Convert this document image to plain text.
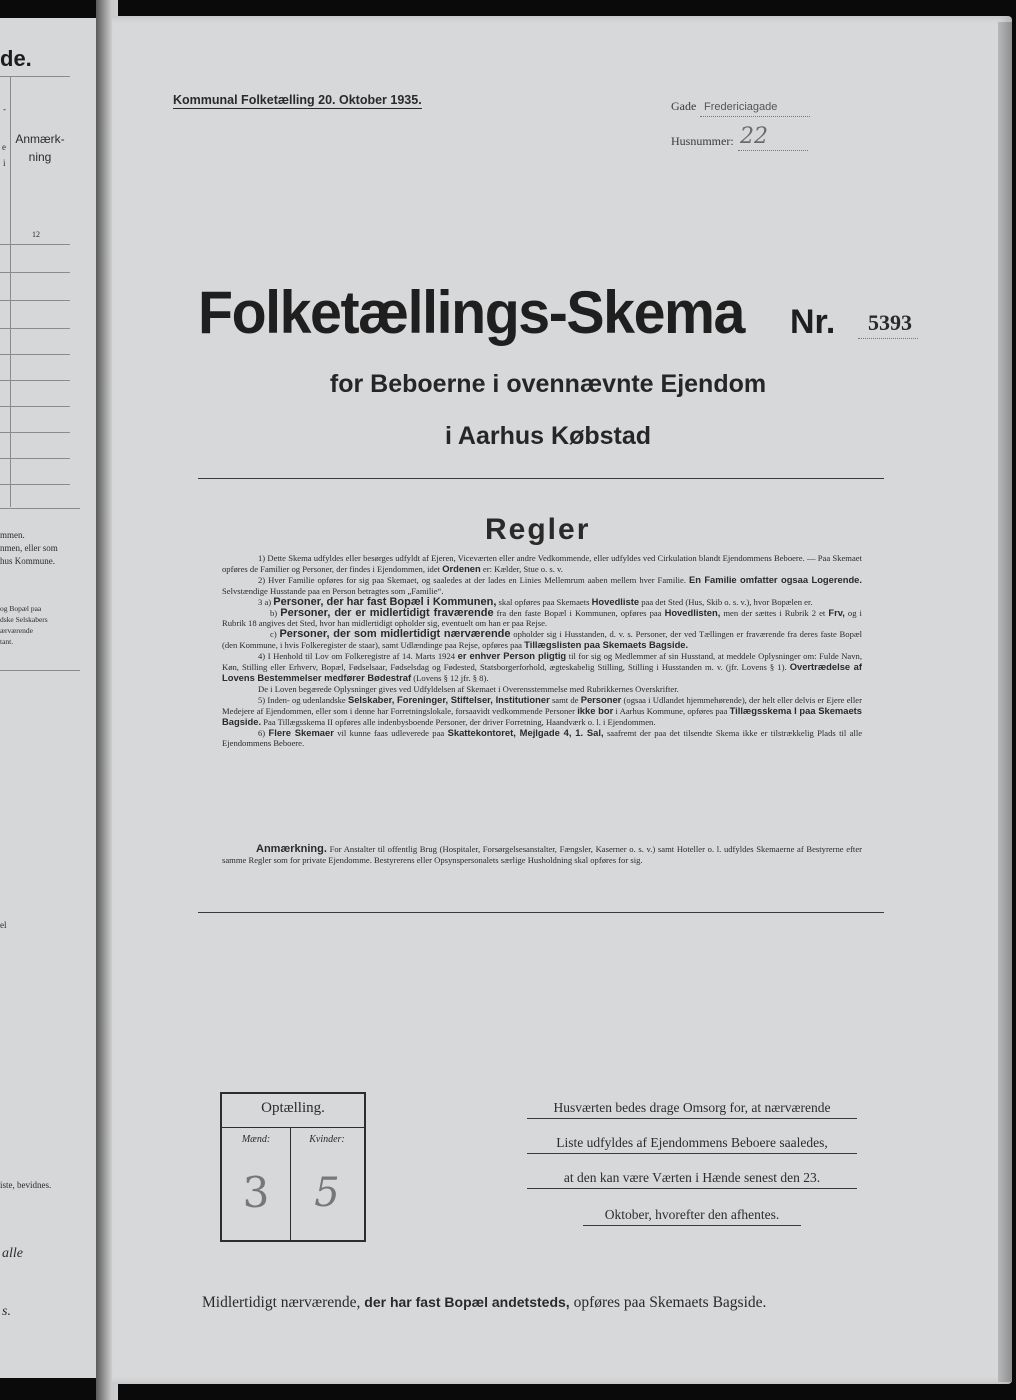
de.
-
e
i
Anmærk-
ning
12
mmen.
nmen, eller som
hus Kommune.
og Bopæl paa
dske Selskabers
ærværende
tant.
el
iste, bevidnes.
alle
s.
Kommunal Folketælling 20. Oktober 1935.	Gade Fredericiagade
Husnummer: 22
Folketællings-Skema Nr. 5393
for Beboerne i ovennævnte Ejendom
i Aarhus Købstad
Regler

1) Dette Skema udfyldes eller besørges udfyldt af Ejeren, Viceværten eller andre Vedkommende, eller udfyldes ved Cirkulation blandt Ejendommens Beboere. — Paa Skemaet opføres de Familier og Personer, der findes i Ejendommen, idet Ordenen er: Kælder, Stue o. s. v.

2) Hver Familie opføres for sig paa Skemaet, og saaledes at der lades en Linies Mellemrum aaben mellem hver Familie. En Familie omfatter ogsaa Logerende. Selvstændige Husstande paa en Person betragtes som „Familie“.

3 a) Personer, der har fast Bopæl i Kommunen, skal opføres paa Skemaets Hovedliste paa det Sted (Hus, Skib o. s. v.), hvor Bopælen er.

b) Personer, der er midlertidigt fraværende fra den faste Bopæl i Kommunen, opføres paa Hovedlisten, men der sættes i Rubrik 2 et Frv, og i Rubrik 18 angives det Sted, hvor han midlertidigt opholder sig, eventuelt om han er paa Rejse.

c) Personer, der som midlertidigt nærværende opholder sig i Husstanden, d. v. s. Personer, der ved Tællingen er fraværende fra deres faste Bopæl (den Kommune, i hvis Folkeregister de staar), samt Udlændinge paa Rejse, opføres paa Tillægslisten paa Skemaets Bagside.

4) I Henhold til Lov om Folkeregistre af 14. Marts 1924 er enhver Person pligtig til for sig og Medlemmer af sin Husstand, at meddele Oplysninger om: Fulde Navn, Køn, Stilling eller Erhverv, Bopæl, Fødselsaar, Fødselsdag og Fødested, Statsborgerforhold, ægteskabelig Stilling, Stilling i Husstanden m. v. (jfr. Lovens § 1). Overtrædelse af Lovens Bestemmelser medfører Bødestraf (Lovens § 12 jfr. § 8).

De i Loven begærede Oplysninger gives ved Udfyldelsen af Skemaet i Overensstemmelse med Rubrikkernes Overskrifter.

5) Inden- og udenlandske Selskaber, Foreninger, Stiftelser, Institutioner samt de Personer (ogsaa i Udlandet hjemmehørende), der helt eller delvis er Ejere eller Medejere af Ejendommen, eller som i denne har Forretningslokale, forsaavidt vedkommende Personer ikke bor i Aarhus Kommune, opføres paa Tillægsskema I paa Skemaets Bagside. Paa Tillægsskema II opføres alle indenbysboende Personer, der driver Forretning, Haandværk o. l. i Ejendommen.

6) Flere Skemaer vil kunne faas udleverede paa Skattekontoret, Mejlgade 4, 1. Sal, saafremt der paa det tilsendte Skema ikke er tilstrækkelig Plads til alle Ejendommens Beboere.

Anmærkning. For Anstalter til offentlig Brug (Hospitaler, Forsørgelsesanstalter, Fængsler, Kaserner o. s. v.) samt Hoteller o. l. udfyldes Skemaerne af Bestyrerne efter samme Regler som for private Ejendomme. Bestyrerens eller Opsynspersonalets særlige Husholdning skal opføres for sig.
Optælling.
Mænd:	Kvinder:
3	5

Husværten bedes drage Omsorg for, at nærværende

Liste udfyldes af Ejendommens Beboere saaledes,

at den kan være Værten i Hænde senest den 23.

Oktober, hvorefter den afhentes.

Midlertidigt nærværende, der har fast Bopæl andetsteds, opføres paa Skemaets Bagside.
